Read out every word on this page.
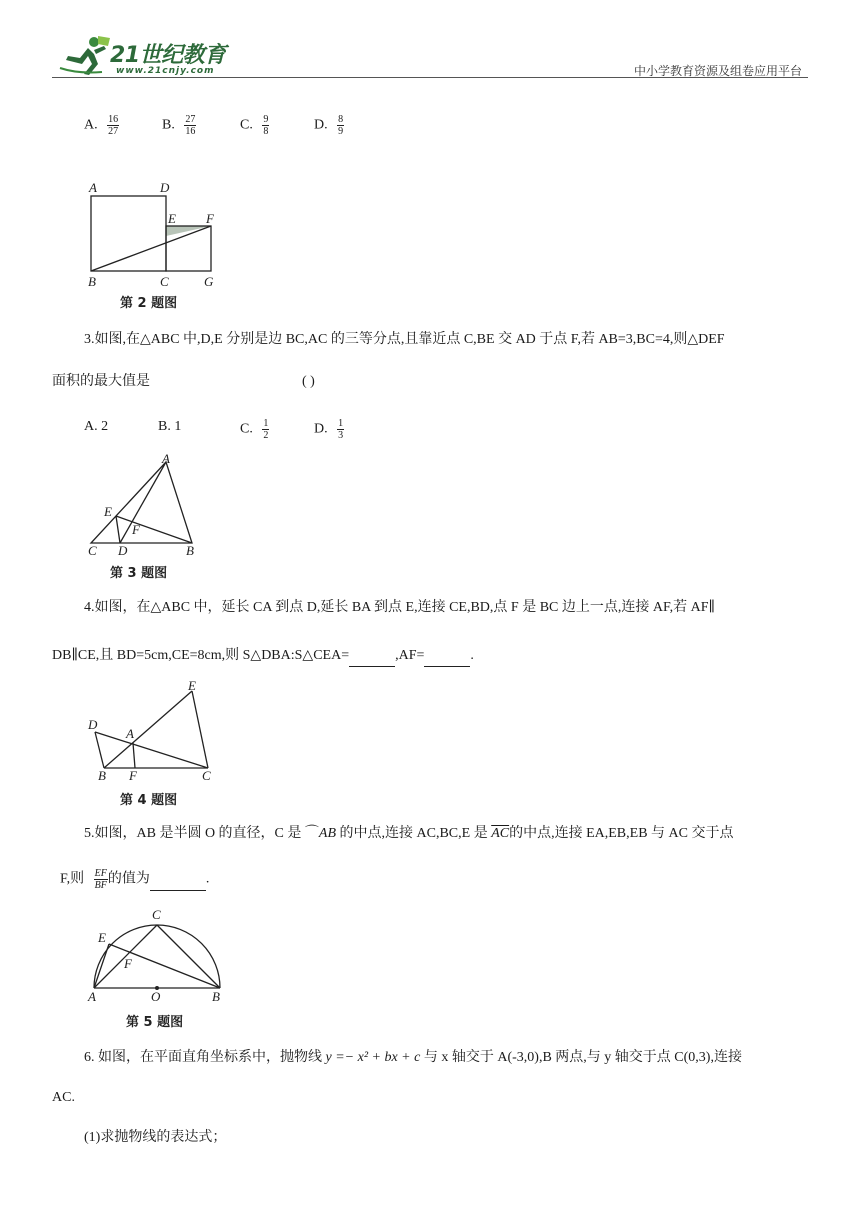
21世纪教育
www.21cnjy.com	中小学教育资源及组卷应用平台
A. $\frac{16}{27}$	B. $\frac{27}{16}$	C. $\frac{9}{8}$	D. $\frac{8}{9}$
A	D
E F
B	C	G
第 2 题图
3.如图,在△ABC 中,D,E 分别是边 BC,AC 的三等分点,且靠近点 C,BE 交 AD 于点 F,若 AB=3,BC=4,则△DEF
面积的最大值是	( )
A. 2	B. 1	C. $\frac{1}{2}$	D. $\frac{1}{3}$
A
E
F
C D	B
第 3 题图
4.如图，在△ABC 中，延长 CA 到点 D,延长 BA 到点 E,连接 CE,BD,点 F 是 BC 边上一点,连接 AF,若 AF∥
DB∥CE,且 BD=5cm,CE=8cm,则 S△DBA:S△CEA=	,AF=	.
E
D
A
B F	C
第 4 题图
5.如图，AB 是半圆 O 的直径，C 是 ⌒AB 的中点,连接 AC,BC,E 是 $\overline{AC}$的中点,连接 EA,EB,EB 与 AC 交于点
F,则 $\frac{EF}{BF}$ 的值为	.
C
E
F
A	O	B
第 5 题图
6. 如图，在平面直角坐标系中，抛物线 y =− x² + bx + c 与 x 轴交于 A(-3,0),B 两点,与 y 轴交于点 C(0,3),连接
AC.
(1)求抛物线的表达式；
